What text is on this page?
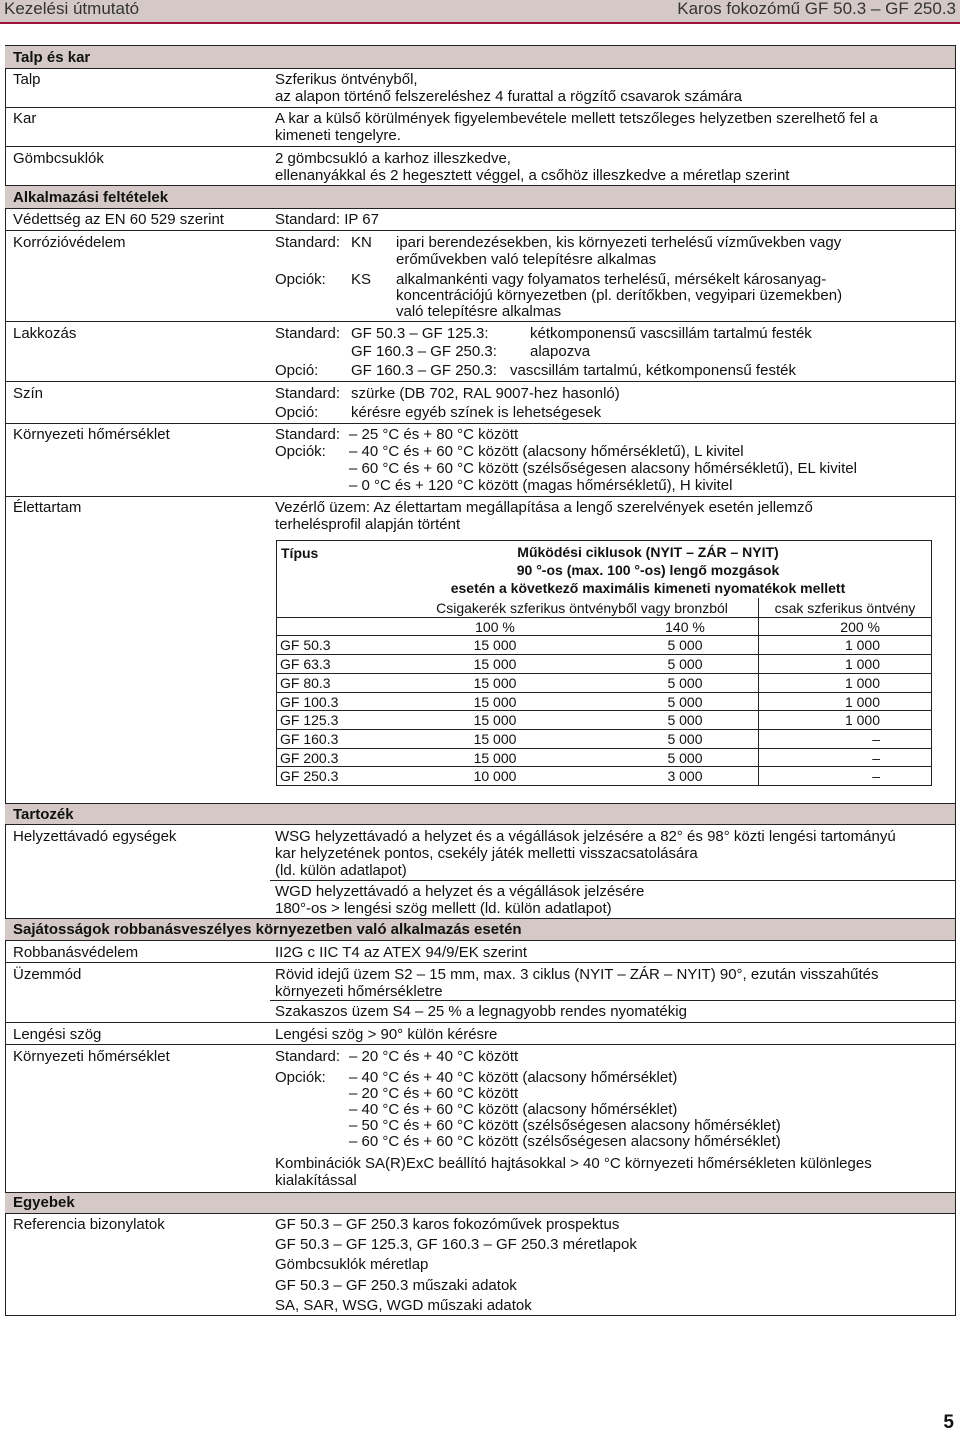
Kezelési útmutató	Karos fokozómű GF 50.3 – GF 250.3
Talp és kar
Talp	Szferikus öntvényből,
az alapon történő felszereléshez 4 furattal a rögzítő csavarok számára
Kar	A kar a külső körülmények figyelembevétele mellett tetszőleges helyzetben szerelhető fel a
kimeneti tengelyre.
Gömbcsuklók	2 gömbcsukló a karhoz illeszkedve,
ellenanyákkal és 2 hegesztett véggel, a csőhöz illeszkedve a méretlap szerint
Alkalmazási feltételek
Védettség az EN 60 529 szerint	Standard: IP 67
Korrózióvédelem	Standard: KN ipari berendezésekben, kis környezeti terhelésű vízművekben vagy
erőművekben való telepítésre alkalmas
Opciók: KS alkalmankénti vagy folyamatos terhelésű, mérsékelt károsanyag-
koncentrációjú környezetben (pl. derítőkben, vegyipari üzemekben)
való telepítésre alkalmas
Lakkozás	Standard: GF 50.3 – GF 125.3:	kétkomponensű vascsillám tartalmú festék
GF 160.3 – GF 250.3: alapozva
Opció: GF 160.3 – GF 250.3: vascsillám tartalmú, kétkomponensű festék
Szín	Standard: szürke (DB 702, RAL 9007-hez hasonló)
Opció: kérésre egyéb színek is lehetségesek
Környezeti hőmérséklet	Standard: – 25 °C és + 80 °C között
Opciók: – 40 °C és + 60 °C között (alacsony hőmérsékletű), L kivitel
– 60 °C és + 60 °C között (szélsőségesen alacsony hőmérsékletű), EL kivitel
– 0 °C és + 120 °C között (magas hőmérsékletű), H kivitel
Élettartam	Vezérlő üzem: Az élettartam megállapítása a lengő szerelvények esetén jellemző
terhelésprofil alapján történt
Típus	Működési ciklusok (NYIT – ZÁR – NYIT)
90 °-os (max. 100 °-os) lengő mozgások
esetén a következő maximális kimeneti nyomatékok mellett
Csigakerék szferikus öntvényből vagy bronzból	csak szferikus öntvény
100 %	140 %	200 %
GF 50.3	15 000	5 000	1 000
GF 63.3	15 000	5 000	1 000
GF 80.3	15 000	5 000	1 000
GF 100.3	15 000	5 000	1 000
GF 125.3	15 000	5 000	1 000
GF 160.3	15 000	5 000	–
GF 200.3	15 000	5 000	–
GF 250.3	10 000	3 000	–
Tartozék
Helyzettávadó egységek	WSG helyzettávadó a helyzet és a végállások jelzésére a 82° és 98° közti lengési tartományú
kar helyzetének pontos, csekély játék melletti visszacsatolására
(ld. külön adatlapot)
WGD helyzettávadó a helyzet és a végállások jelzésére
180°-os > lengési szög mellett (ld. külön adatlapot)
Sajátosságok robbanásveszélyes környezetben való alkalmazás esetén
Robbanásvédelem	II2G c IIC T4 az ATEX 94/9/EK szerint
Üzemmód	Rövid idejű üzem S2 – 15 mm, max. 3 ciklus (NYIT – ZÁR – NYIT) 90°, ezután visszahűtés
környezeti hőmérsékletre
Szakaszos üzem S4 – 25 % a legnagyobb rendes nyomatékig
Lengési szög	Lengési szög > 90° külön kérésre
Környezeti hőmérséklet	Standard: – 20 °C és + 40 °C között
Opciók: – 40 °C és + 40 °C között (alacsony hőmérséklet)
– 20 °C és + 60 °C között
– 40 °C és + 60 °C között (alacsony hőmérséklet)
– 50 °C és + 60 °C között (szélsőségesen alacsony hőmérséklet)
– 60 °C és + 60 °C között (szélsőségesen alacsony hőmérséklet)
Kombinációk SA(R)ExC beállító hajtásokkal > 40 °C környezeti hőmérsékleten különleges
kialakítással
Egyebek
Referencia bizonylatok	GF 50.3 – GF 250.3 karos fokozóművek prospektus
GF 50.3 – GF 125.3, GF 160.3 – GF 250.3 méretlapok
Gömbcsuklók méretlap
GF 50.3 – GF 250.3 műszaki adatok
SA, SAR, WSG, WGD műszaki adatok
5
